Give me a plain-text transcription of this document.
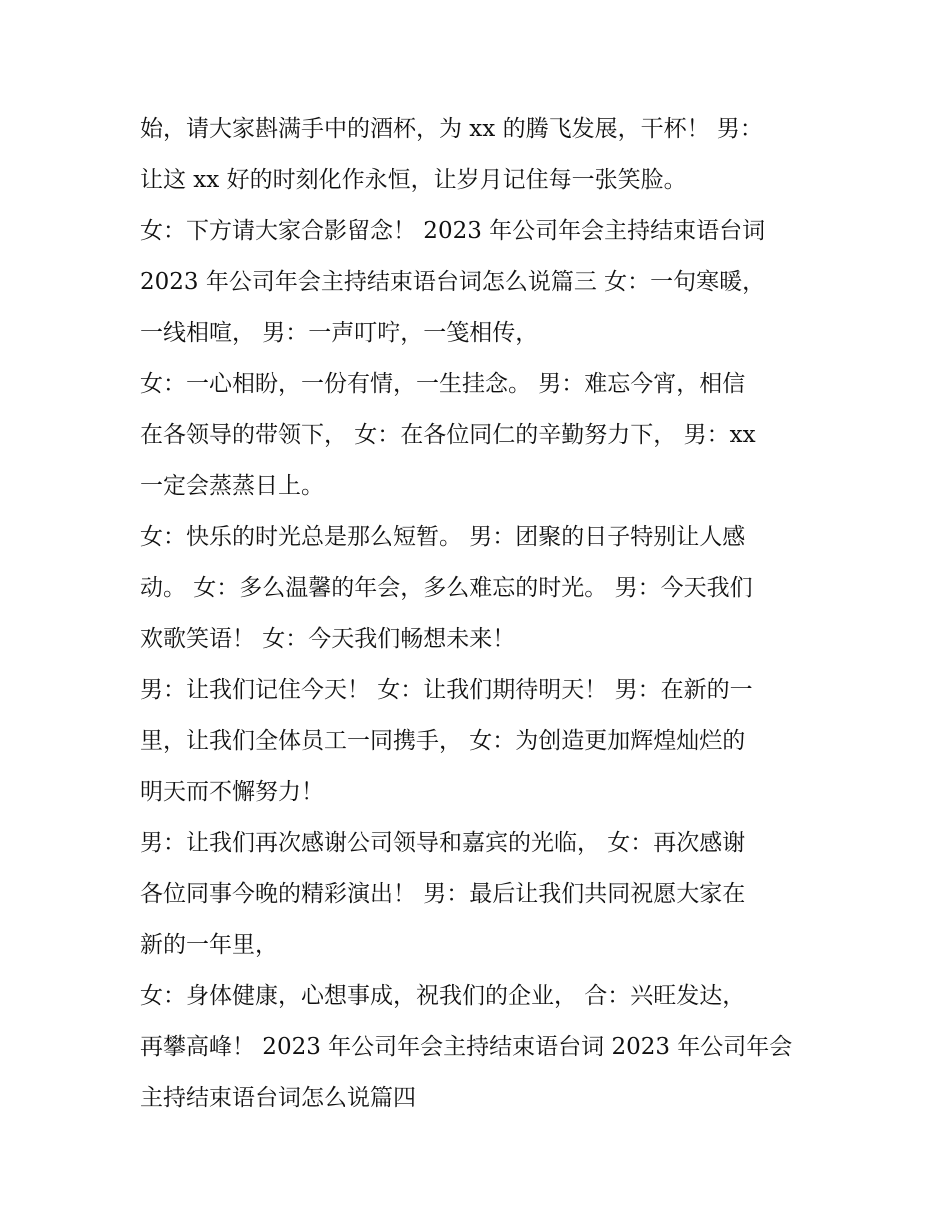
始，请大家斟满手中的酒杯，为 xx 的腾飞发展，干杯！ 男：
让这 xx 好的时刻化作永恒，让岁月记住每一张笑脸。

女：下方请大家合影留念！ 2023 年公司年会主持结束语台词
2023 年公司年会主持结束语台词怎么说篇三 女：一句寒暖，
一线相喧， 男：一声叮咛，一笺相传，

女：一心相盼，一份有情，一生挂念。 男：难忘今宵，相信
在各领导的带领下， 女：在各位同仁的辛勤努力下， 男：xx
一定会蒸蒸日上。

女：快乐的时光总是那么短暂。 男：团聚的日子特别让人感
动。 女：多么温馨的年会，多么难忘的时光。 男：今天我们
欢歌笑语！ 女：今天我们畅想未来！

男：让我们记住今天！ 女：让我们期待明天！ 男：在新的一
里，让我们全体员工一同携手， 女：为创造更加辉煌灿烂的
明天而不懈努力！

男：让我们再次感谢公司领导和嘉宾的光临， 女：再次感谢
各位同事今晚的精彩演出！ 男：最后让我们共同祝愿大家在
新的一年里，

女：身体健康，心想事成，祝我们的企业， 合：兴旺发达，
再攀高峰！ 2023 年公司年会主持结束语台词 2023 年公司年会
主持结束语台词怎么说篇四
